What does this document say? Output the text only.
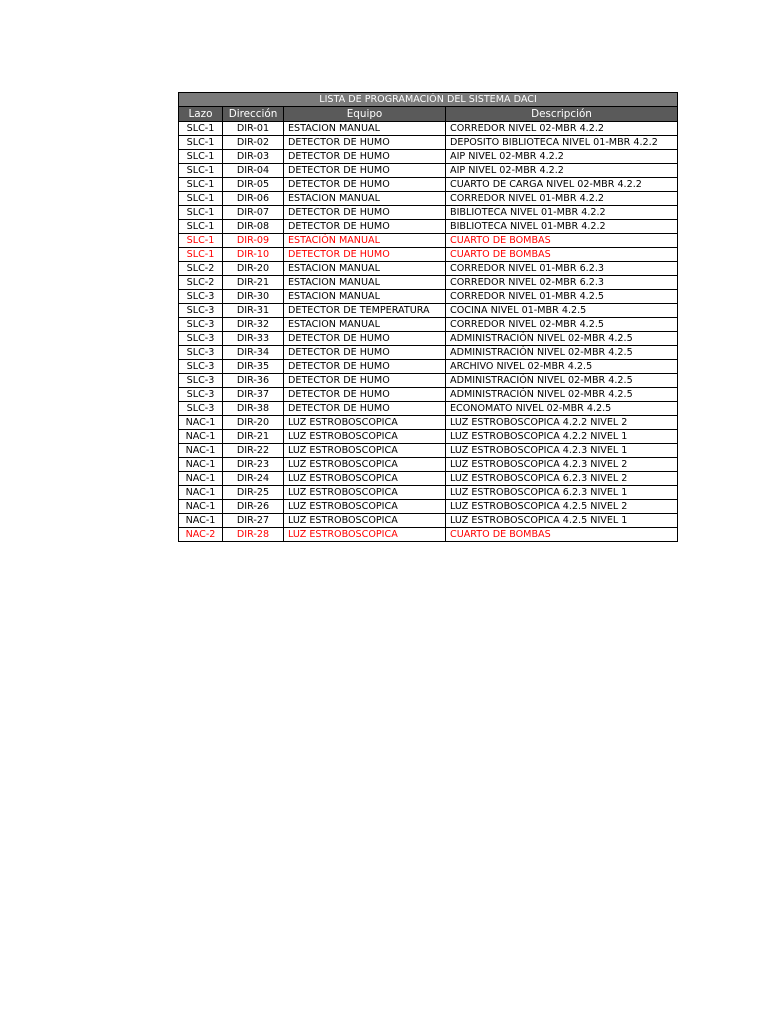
LISTA DE PROGRAMACIÓN DEL SISTEMA DACI			
Lazo	Dirección	Equipo	Descripción
SLC-1	DIR-01	ESTACION MANUAL	CORREDOR NIVEL 02-MBR 4.2.2
SLC-1	DIR-02	DETECTOR DE HUMO	DEPOSITO BIBLIOTECA NIVEL 01-MBR 4.2.2
SLC-1	DIR-03	DETECTOR DE HUMO	AIP NIVEL 02-MBR 4.2.2
SLC-1	DIR-04	DETECTOR DE HUMO	AIP NIVEL 02-MBR 4.2.2
SLC-1	DIR-05	DETECTOR DE HUMO	CUARTO DE CARGA NIVEL 02-MBR 4.2.2
SLC-1	DIR-06	ESTACION MANUAL	CORREDOR NIVEL 01-MBR 4.2.2
SLC-1	DIR-07	DETECTOR DE HUMO	BIBLIOTECA NIVEL 01-MBR 4.2.2
SLC-1	DIR-08	DETECTOR DE HUMO	BIBLIOTECA NIVEL 01-MBR 4.2.2
SLC-1	DIR-09	ESTACIÓN MANUAL	CUARTO DE BOMBAS
SLC-1	DIR-10	DETECTOR DE HUMO	CUARTO DE BOMBAS
SLC-2	DIR-20	ESTACION MANUAL	CORREDOR NIVEL 01-MBR 6.2.3
SLC-2	DIR-21	ESTACION MANUAL	CORREDOR NIVEL 02-MBR 6.2.3
SLC-3	DIR-30	ESTACION MANUAL	CORREDOR NIVEL 01-MBR 4.2.5
SLC-3	DIR-31	DETECTOR DE TEMPERATURA	COCINA NIVEL 01-MBR 4.2.5
SLC-3	DIR-32	ESTACION MANUAL	CORREDOR NIVEL 02-MBR 4.2.5
SLC-3	DIR-33	DETECTOR DE HUMO	ADMINISTRACIÓN NIVEL 02-MBR 4.2.5
SLC-3	DIR-34	DETECTOR DE HUMO	ADMINISTRACIÓN NIVEL 02-MBR 4.2.5
SLC-3	DIR-35	DETECTOR DE HUMO	ARCHIVO NIVEL 02-MBR 4.2.5
SLC-3	DIR-36	DETECTOR DE HUMO	ADMINISTRACIÓN NIVEL 02-MBR 4.2.5
SLC-3	DIR-37	DETECTOR DE HUMO	ADMINISTRACIÓN NIVEL 02-MBR 4.2.5
SLC-3	DIR-38	DETECTOR DE HUMO	ECONOMATO NIVEL 02-MBR 4.2.5
NAC-1	DIR-20	LUZ ESTROBOSCOPICA	LUZ ESTROBOSCOPICA 4.2.2 NIVEL 2
NAC-1	DIR-21	LUZ ESTROBOSCOPICA	LUZ ESTROBOSCOPICA 4.2.2 NIVEL 1
NAC-1	DIR-22	LUZ ESTROBOSCOPICA	LUZ ESTROBOSCOPICA 4.2.3 NIVEL 1
NAC-1	DIR-23	LUZ ESTROBOSCOPICA	LUZ ESTROBOSCOPICA 4.2.3 NIVEL 2
NAC-1	DIR-24	LUZ ESTROBOSCOPICA	LUZ ESTROBOSCOPICA 6.2.3 NIVEL 2
NAC-1	DIR-25	LUZ ESTROBOSCOPICA	LUZ ESTROBOSCOPICA 6.2.3 NIVEL 1
NAC-1	DIR-26	LUZ ESTROBOSCOPICA	LUZ ESTROBOSCOPICA 4.2.5 NIVEL 2
NAC-1	DIR-27	LUZ ESTROBOSCOPICA	LUZ ESTROBOSCOPICA 4.2.5 NIVEL 1
NAC-2	DIR-28	LUZ ESTROBOSCOPICA	CUARTO DE BOMBAS
